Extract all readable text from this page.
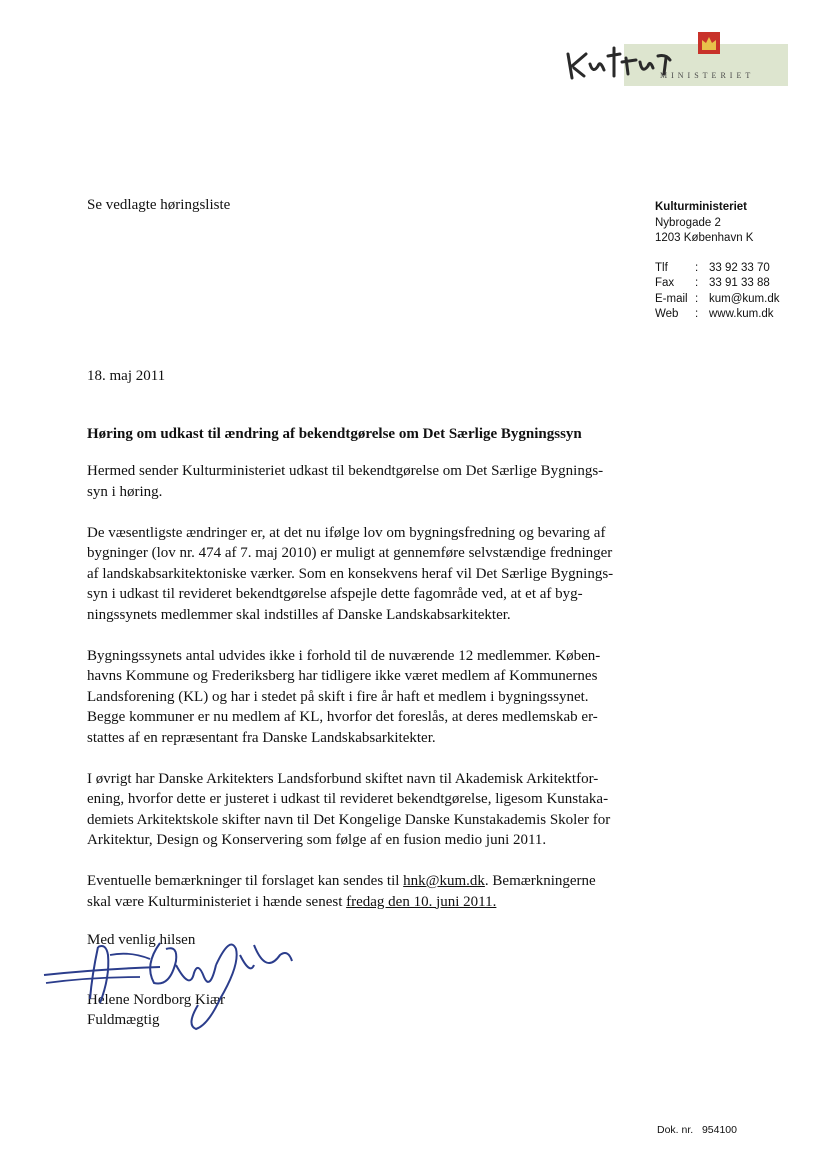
MINISTERIET
Se vedlagte høringsliste	Kulturministeriet
Nybrogade 2
1203 København K
Tlf	: 33 92 33 70
Fax	: 33 91 33 88
E-mail : kum@kum.dk
Web	: www.kum.dk
18. maj 2011
Høring om udkast til ændring af bekendtgørelse om Det Særlige Bygningssyn

Hermed sender Kulturministeriet udkast til bekendtgørelse om Det Særlige Bygnings-
syn i høring.

De væsentligste ændringer er, at det nu ifølge lov om bygningsfredning og bevaring af
bygninger (lov nr. 474 af 7. maj 2010) er muligt at gennemføre selvstændige fredninger
af landskabsarkitektoniske værker. Som en konsekvens heraf vil Det Særlige Bygnings-
syn i udkast til revideret bekendtgørelse afspejle dette fagområde ved, at et af byg-
ningssynets medlemmer skal indstilles af Danske Landskabsarkitekter.

Bygningssynets antal udvides ikke i forhold til de nuværende 12 medlemmer. Køben-
havns Kommune og Frederiksberg har tidligere ikke været medlem af Kommunernes
Landsforening (KL) og har i stedet på skift i fire år haft et medlem i bygningssynet.
Begge kommuner er nu medlem af KL, hvorfor det foreslås, at deres medlemskab er-
stattes af en repræsentant fra Danske Landskabsarkitekter.

I øvrigt har Danske Arkitekters Landsforbund skiftet navn til Akademisk Arkitektfor-
ening, hvorfor dette er justeret i udkast til revideret bekendtgørelse, ligesom Kunstaka-
demiets Arkitektskole skifter navn til Det Kongelige Danske Kunstakademis Skoler for
Arkitektur, Design og Konservering som følge af en fusion medio juni 2011.

Eventuelle bemærkninger til forslaget kan sendes til hnk@kum.dk. Bemærkningerne
skal være Kulturministeriet i hænde senest fredag den 10. juni 2011.

Med venlig hilsen
Helene Nordborg Kiær
Fuldmægtig
Dok. nr. 954100
